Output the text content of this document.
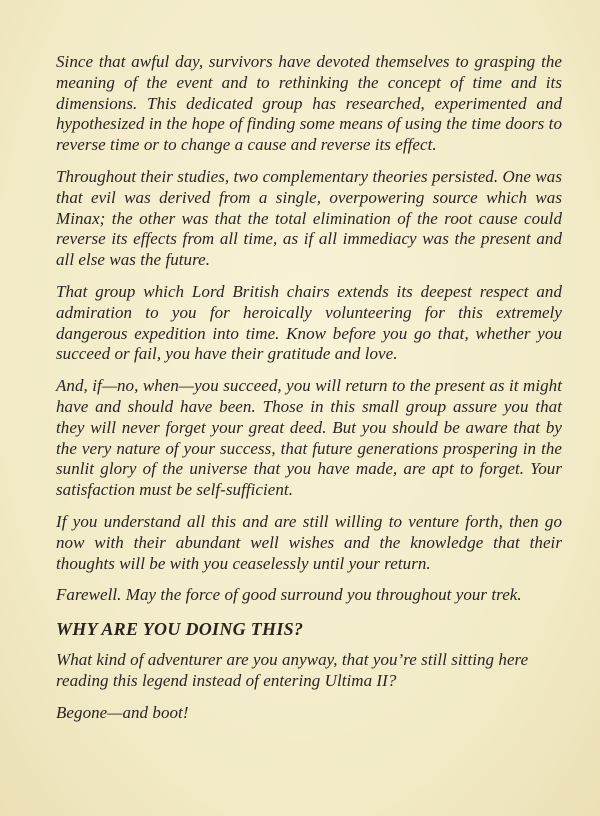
Since that awful day, survivors have devoted themselves to grasping the meaning of the event and to rethinking the concept of time and its dimensions. This dedicated group has researched, experimented and hypothesized in the hope of finding some means of using the time doors to reverse time or to change a cause and reverse its effect.

Throughout their studies, two complementary theories persisted. One was that evil was derived from a single, overpowering source which was Minax; the other was that the total elimination of the root cause could reverse its effects from all time, as if all immediacy was the present and all else was the future.

That group which Lord British chairs extends its deepest respect and admiration to you for heroically volunteering for this extremely dangerous expedition into time. Know before you go that, whether you succeed or fail, you have their gratitude and love.

And, if—no, when—you succeed, you will return to the present as it might have and should have been. Those in this small group assure you that they will never forget your great deed. But you should be aware that by the very nature of your success, that future generations prospering in the sunlit glory of the universe that you have made, are apt to forget. Your satisfaction must be self-sufficient.

If you understand all this and are still willing to venture forth, then go now with their abundant well wishes and the knowledge that their thoughts will be with you ceaselessly until your return.

Farewell. May the force of good surround you throughout your trek.

WHY ARE YOU DOING THIS?

What kind of adventurer are you anyway, that you’re still sitting here reading this legend instead of entering Ultima II?

Begone—and boot!
